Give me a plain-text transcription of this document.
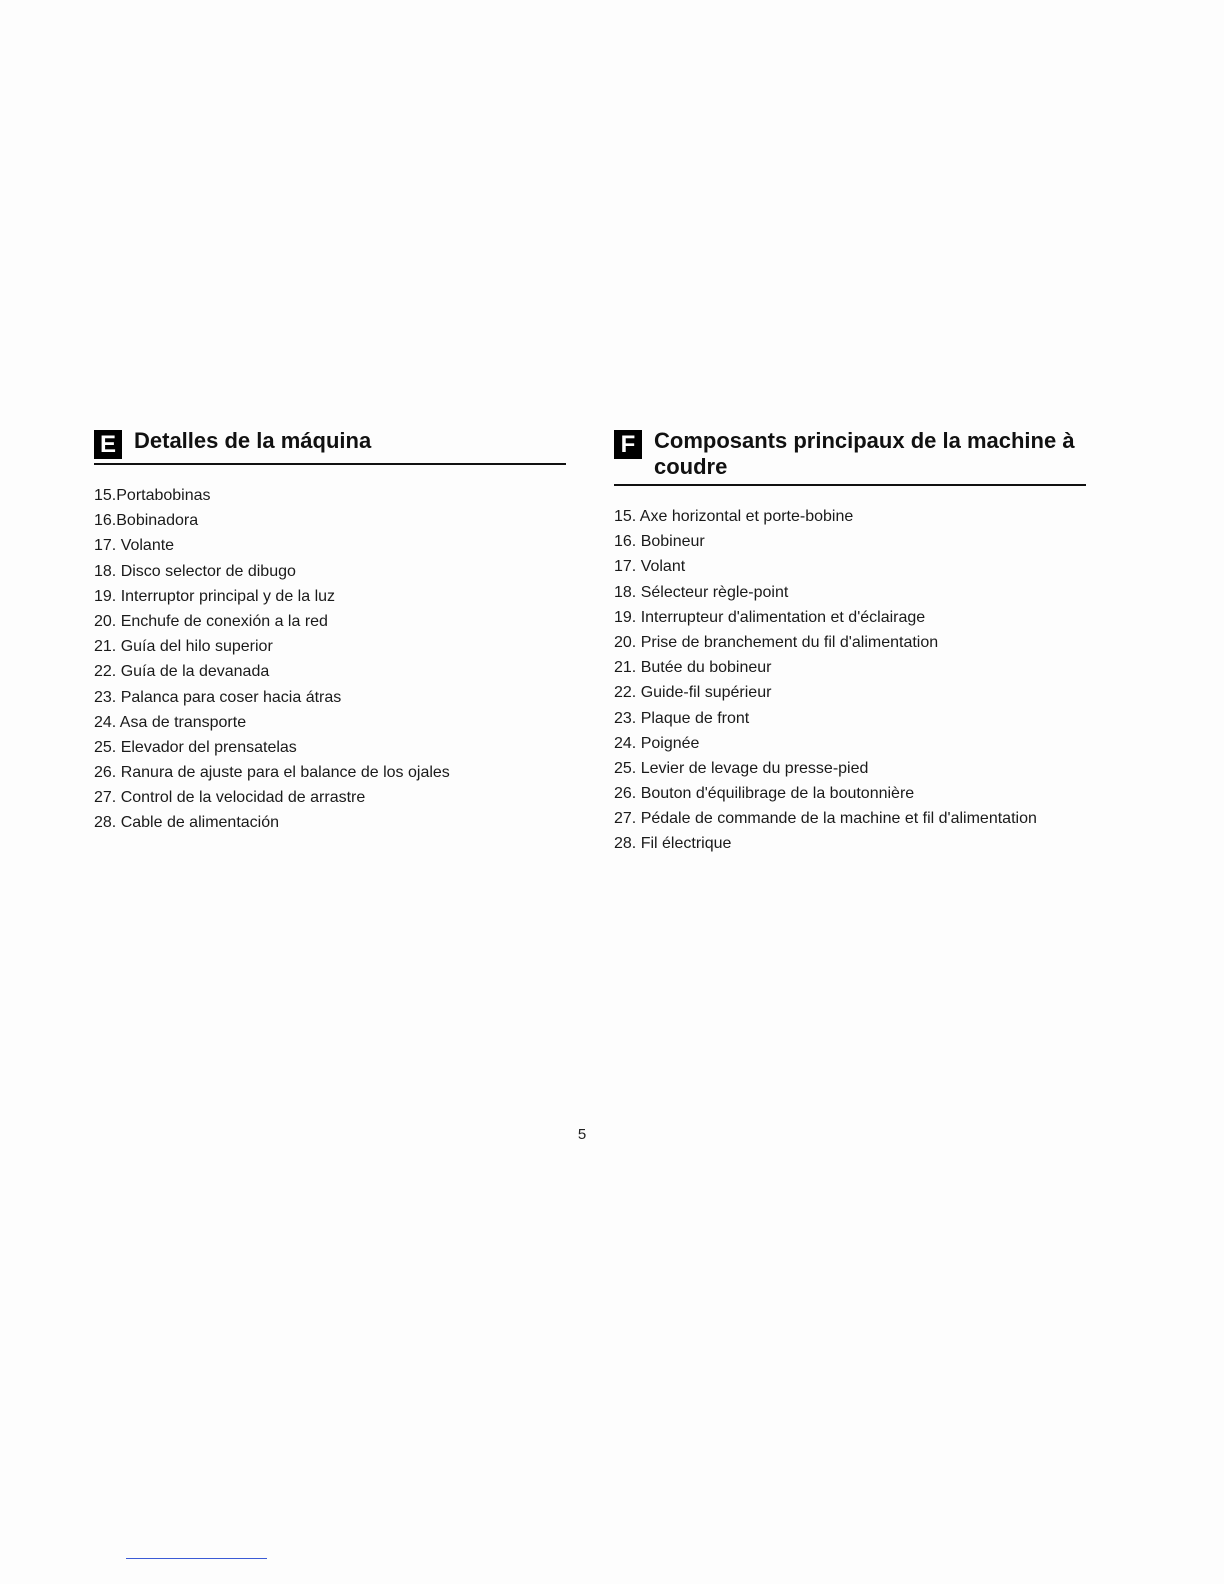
E Detalles de la máquina
15.Portabobinas
16.Bobinadora
17. Volante
18. Disco selector de dibugo
19. Interruptor principal y de la luz
20. Enchufe de conexión a la red
21. Guía del hilo superior
22. Guía de la devanada
23. Palanca para coser hacia átras
24. Asa de transporte
25. Elevador del prensatelas
26. Ranura de ajuste para el balance de los ojales
27. Control de la velocidad de arrastre
28. Cable de alimentación
F Composants principaux de la machine à coudre
15. Axe horizontal et porte-bobine
16. Bobineur
17. Volant
18. Sélecteur règle-point
19. Interrupteur d'alimentation et d'éclairage
20. Prise de branchement du fil d'alimentation
21. Butée du bobineur
22. Guide-fil supérieur
23. Plaque de front
24. Poignée
25. Levier de levage du presse-pied
26. Bouton d'équilibrage de la boutonnière
27. Pédale de commande de la machine et fil d'alimentation
28. Fil électrique
5
